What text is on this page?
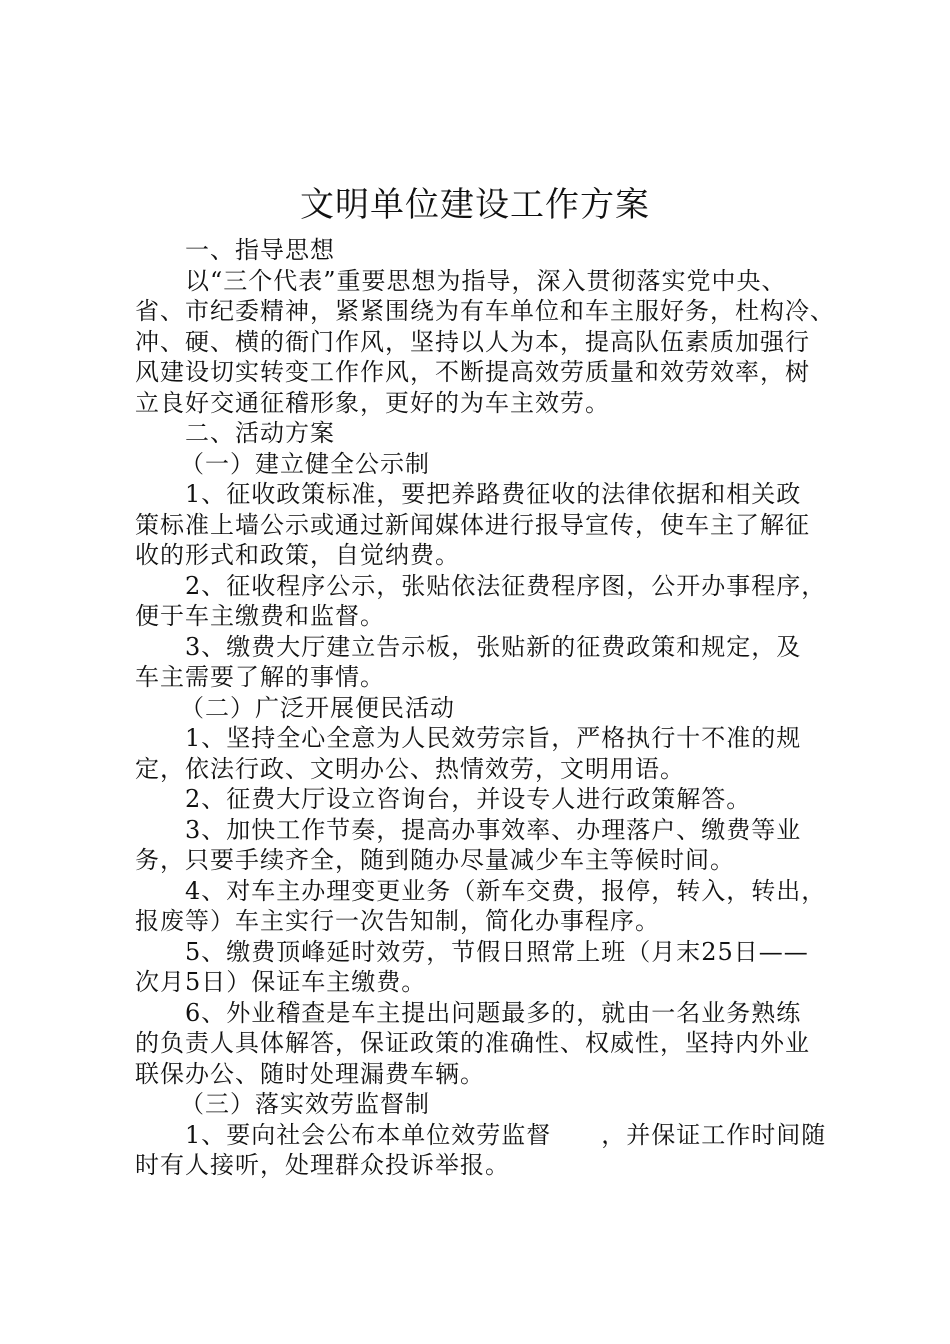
文明单位建设工作方案
一、指导思想
以“三个代表”重要思想为指导，深入贯彻落实党中央、
省、市纪委精神，紧紧围绕为有车单位和车主服好务，杜构冷、
冲、硬、横的衙门作风，坚持以人为本，提高队伍素质加强行
风建设切实转变工作作风，不断提高效劳质量和效劳效率，树
立良好交通征稽形象，更好的为车主效劳。
二、活动方案
（一）建立健全公示制
1、征收政策标准，要把养路费征收的法律依据和相关政
策标准上墙公示或通过新闻媒体进行报导宣传，使车主了解征
收的形式和政策，自觉纳费。
2、征收程序公示，张贴依法征费程序图，公开办事程序，
便于车主缴费和监督。
3、缴费大厅建立告示板，张贴新的征费政策和规定，及
车主需要了解的事情。
（二）广泛开展便民活动
1、坚持全心全意为人民效劳宗旨，严格执行十不准的规
定，依法行政、文明办公、热情效劳，文明用语。
2、征费大厅设立咨询台，并设专人进行政策解答。
3、加快工作节奏，提高办事效率、办理落户、缴费等业
务，只要手续齐全，随到随办尽量减少车主等候时间。
4、对车主办理变更业务（新车交费，报停，转入，转出，
报废等）车主实行一次告知制，简化办事程序。
5、缴费顶峰延时效劳，节假日照常上班（月末25日——
次月5日）保证车主缴费。
6、外业稽查是车主提出问题最多的，就由一名业务熟练
的负责人具体解答，保证政策的准确性、权威性，坚持内外业
联保办公、随时处理漏费车辆。
（三）落实效劳监督制
1、要向社会公布本单位效劳监督　　，并保证工作时间随
时有人接听，处理群众投诉举报。
